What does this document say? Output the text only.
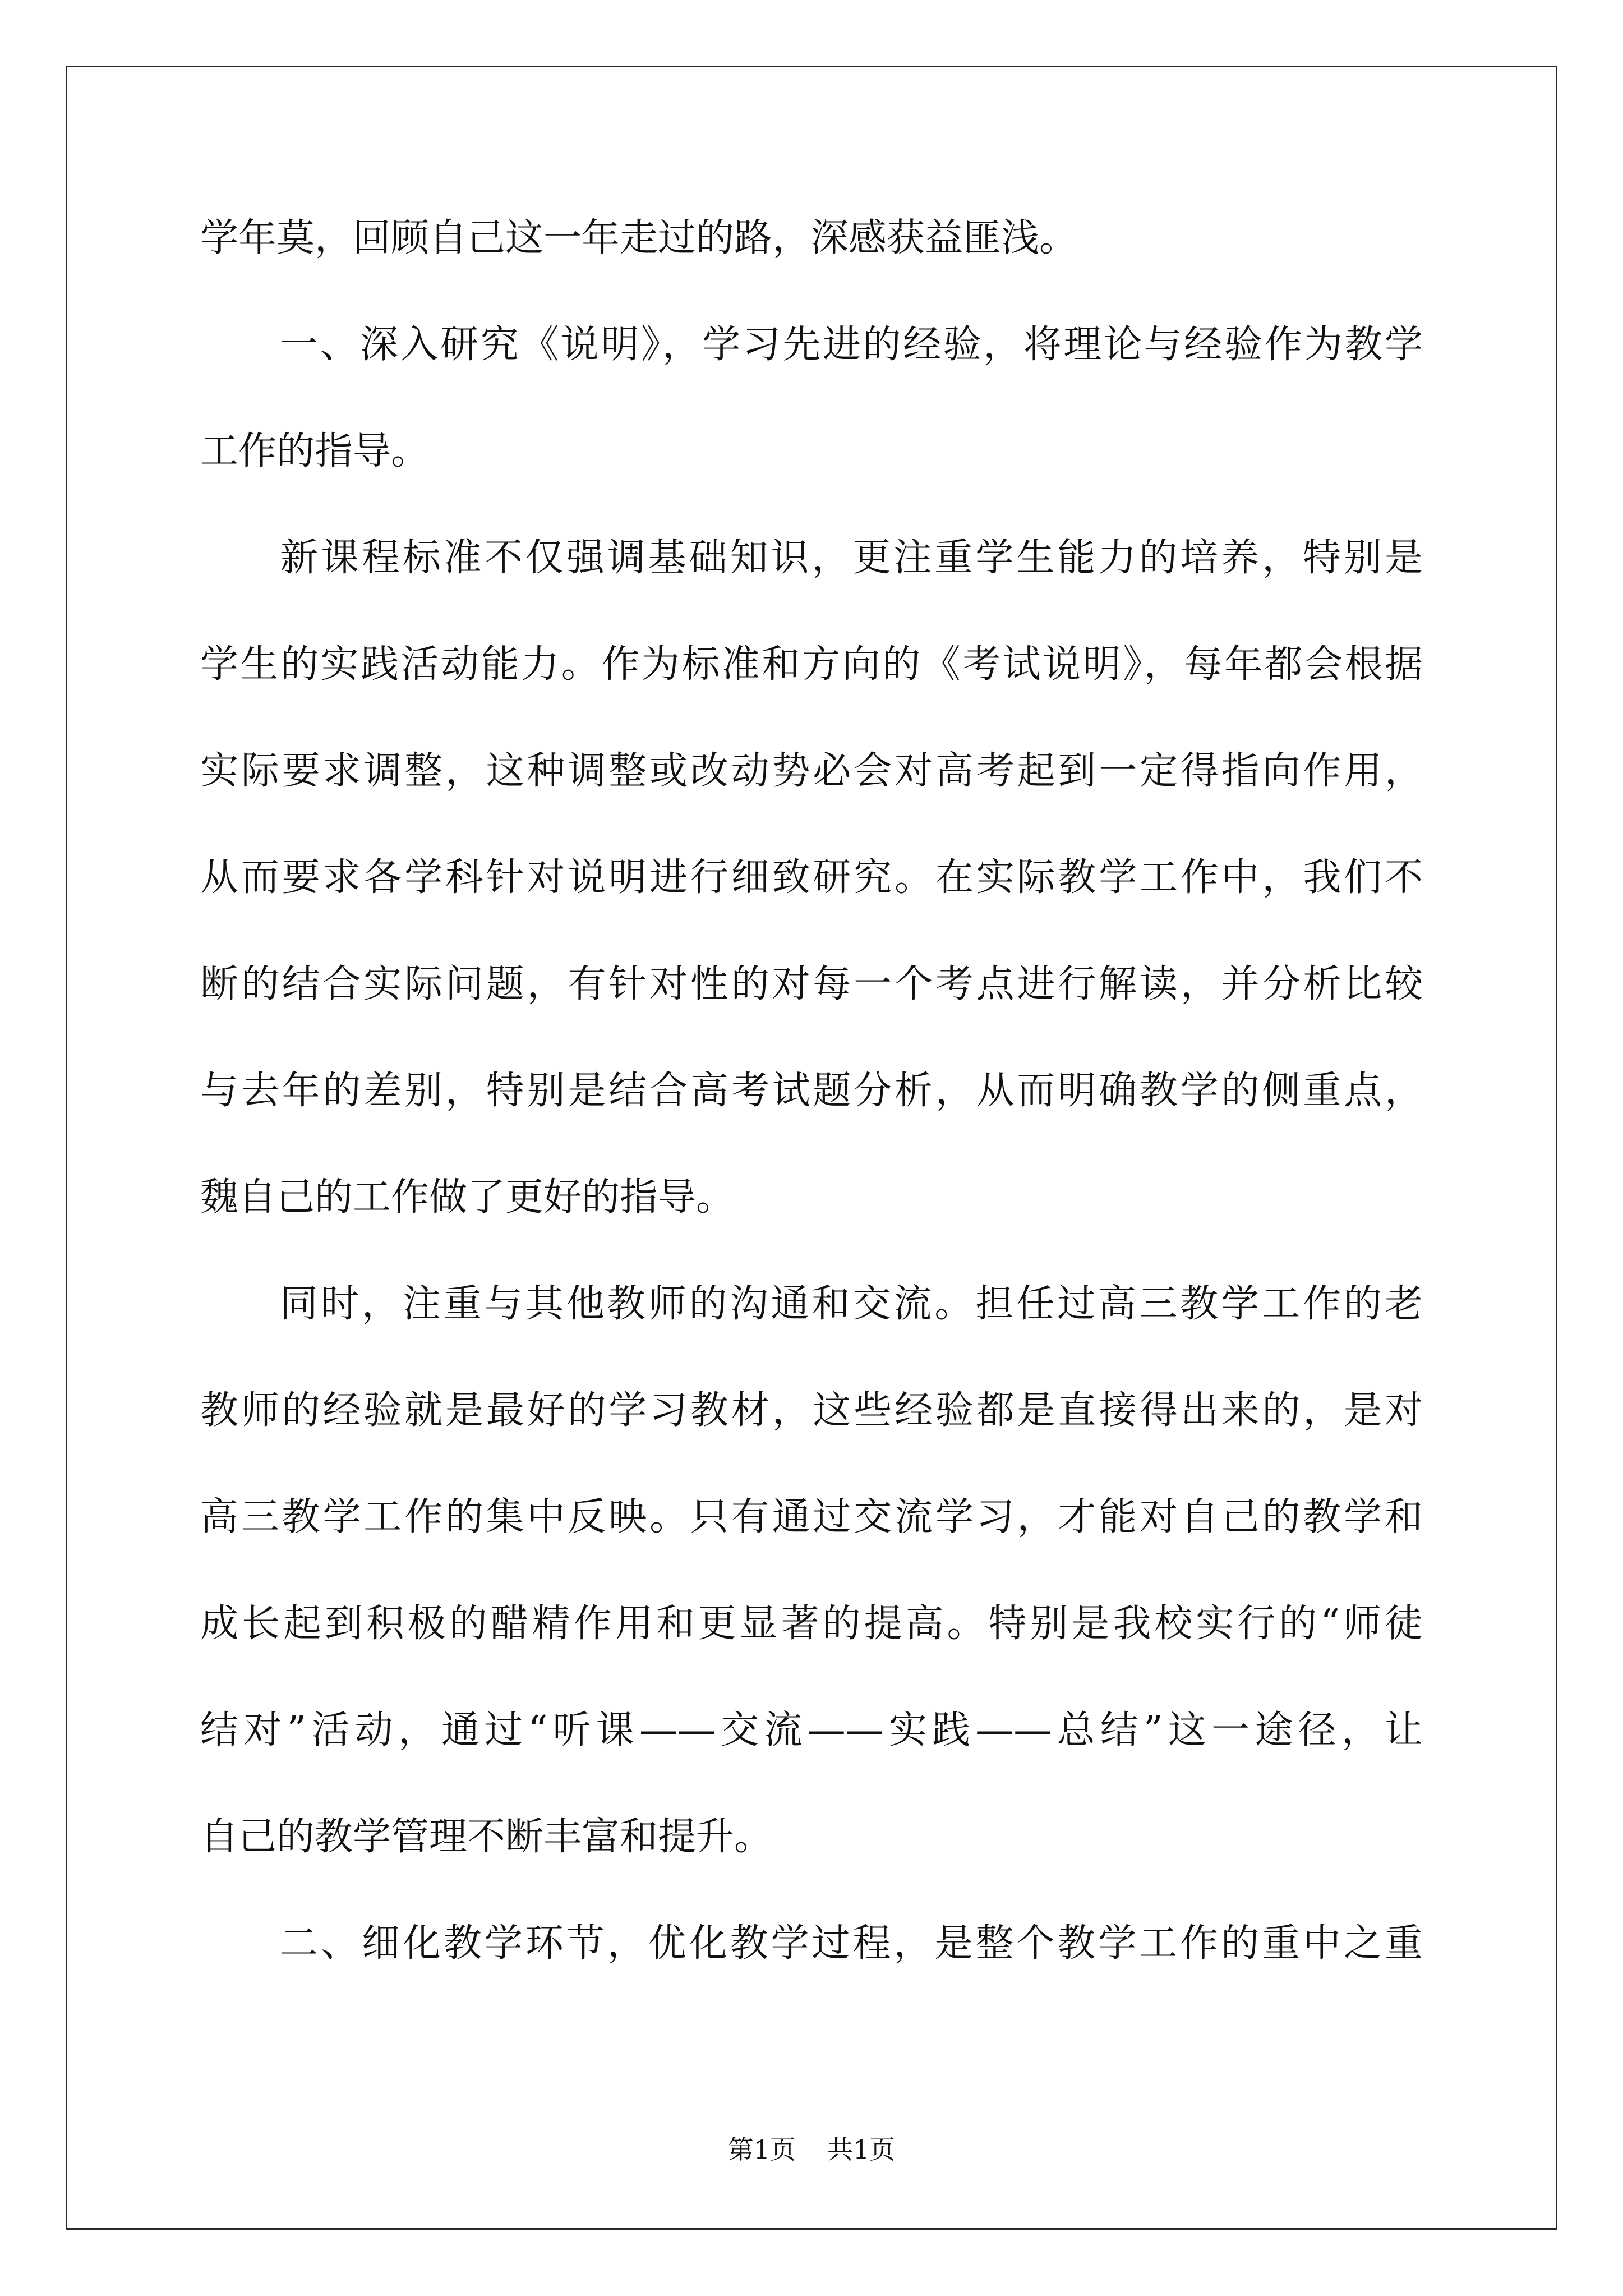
学年莫，回顾自己这一年走过的路，深感获益匪浅。
一、深入研究《说明》，学习先进的经验，将理论与经验作为教学
工作的指导。
新课程标准不仅强调基础知识，更注重学生能力的培养，特别是
学生的实践活动能力。作为标准和方向的《考试说明》，每年都会根据
实际要求调整，这种调整或改动势必会对高考起到一定得指向作用，
从而要求各学科针对说明进行细致研究。在实际教学工作中，我们不
断的结合实际问题，有针对性的对每一个考点进行解读，并分析比较
与去年的差别，特别是结合高考试题分析，从而明确教学的侧重点，
魏自己的工作做了更好的指导。
同时，注重与其他教师的沟通和交流。担任过高三教学工作的老
教师的经验就是最好的学习教材，这些经验都是直接得出来的，是对
高三教学工作的集中反映。只有通过交流学习，才能对自己的教学和
成长起到积极的醋精作用和更显著的提高。特别是我校实行的“师徒
结对”活动，通过“听课——交流——实践——总结”这一途径，让
自己的教学管理不断丰富和提升。
二、细化教学环节，优化教学过程，是整个教学工作的重中之重
第1页 共1页
